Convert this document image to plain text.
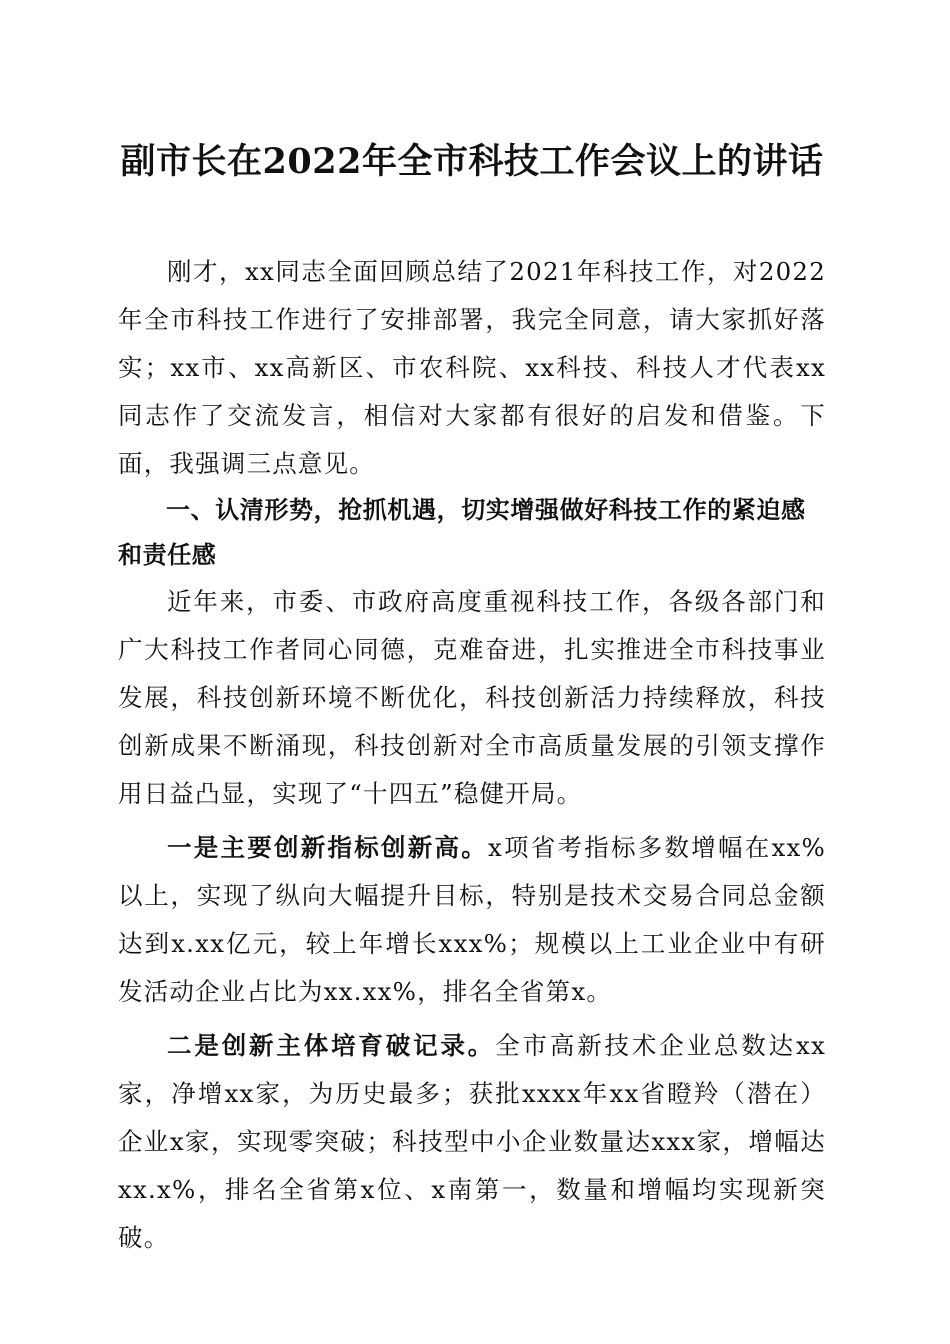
副市长在2022年全市科技工作会议上的讲话

刚才，xx同志全面回顾总结了2021年科技工作，对2022年全市科技工作进行了安排部署，我完全同意，请大家抓好落实；xx市、xx高新区、市农科院、xx科技、科技人才代表xx同志作了交流发言，相信对大家都有很好的启发和借鉴。下面，我强调三点意见。

一、认清形势，抢抓机遇，切实增强做好科技工作的紧迫感和责任感

近年来，市委、市政府高度重视科技工作，各级各部门和广大科技工作者同心同德，克难奋进，扎实推进全市科技事业发展，科技创新环境不断优化，科技创新活力持续释放，科技创新成果不断涌现，科技创新对全市高质量发展的引领支撑作用日益凸显，实现了“十四五”稳健开局。

一是主要创新指标创新高。x项省考指标多数增幅在xx%以上，实现了纵向大幅提升目标，特别是技术交易合同总金额达到x.xx亿元，较上年增长xxx%；规模以上工业企业中有研发活动企业占比为xx.xx%，排名全省第x。

二是创新主体培育破记录。全市高新技术企业总数达xx家，净增xx家，为历史最多；获批xxxx年xx省瞪羚（潜在）企业x家，实现零突破；科技型中小企业数量达xxx家，增幅达xx.x%，排名全省第x位、x南第一，数量和增幅均实现新突破。
